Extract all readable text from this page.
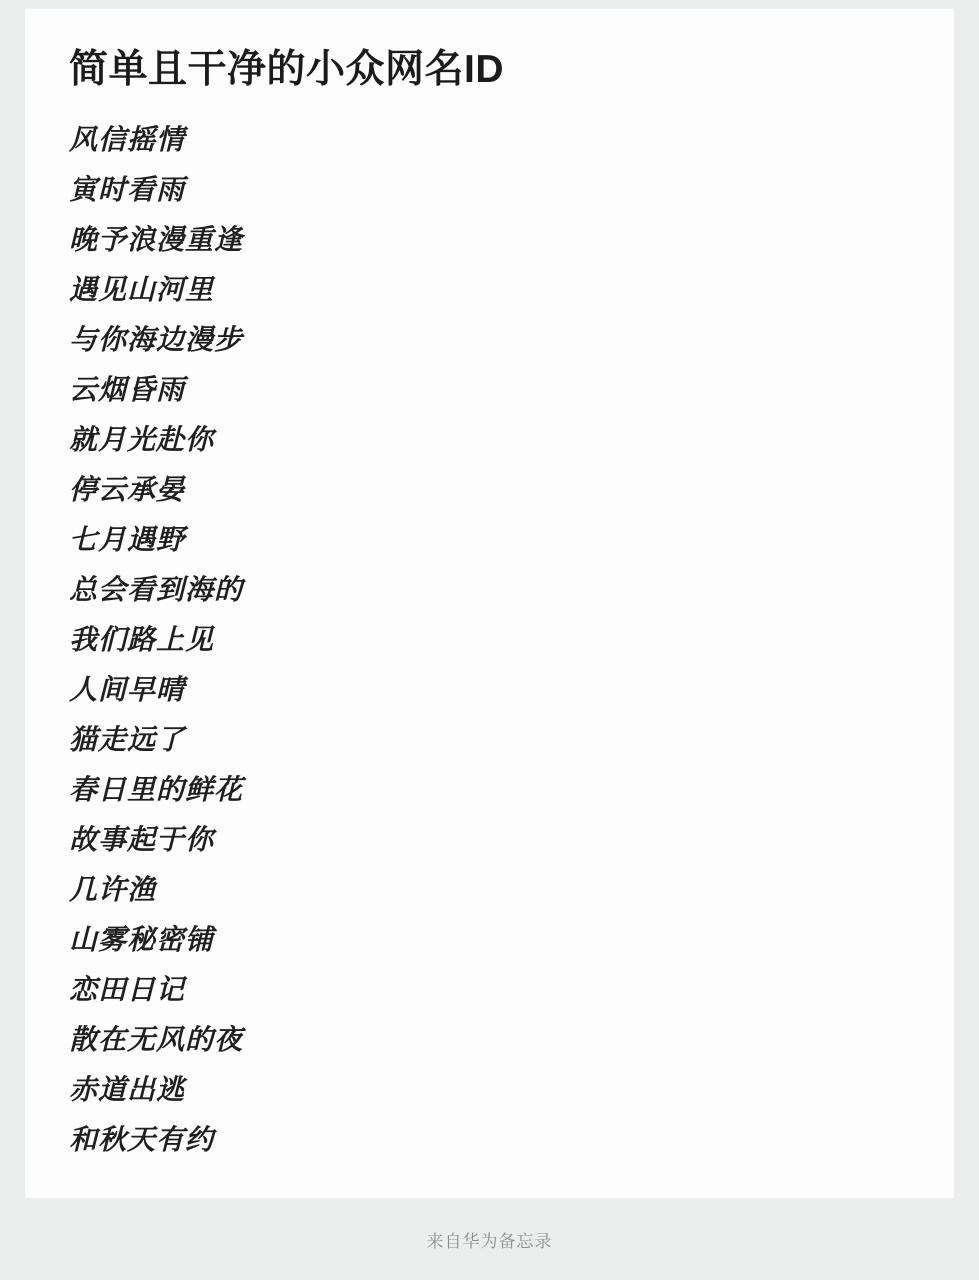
简单且干净的小众网名ID
风信摇情
寅时看雨
晚予浪漫重逢
遇见山河里
与你海边漫步
云烟昏雨
就月光赴你
停云承晏
七月遇野
总会看到海的
我们路上见
人间早晴
猫走远了
春日里的鲜花
故事起于你
几许渔
山雾秘密铺
恋田日记
散在无风的夜
赤道出逃
和秋天有约
来自华为备忘录
